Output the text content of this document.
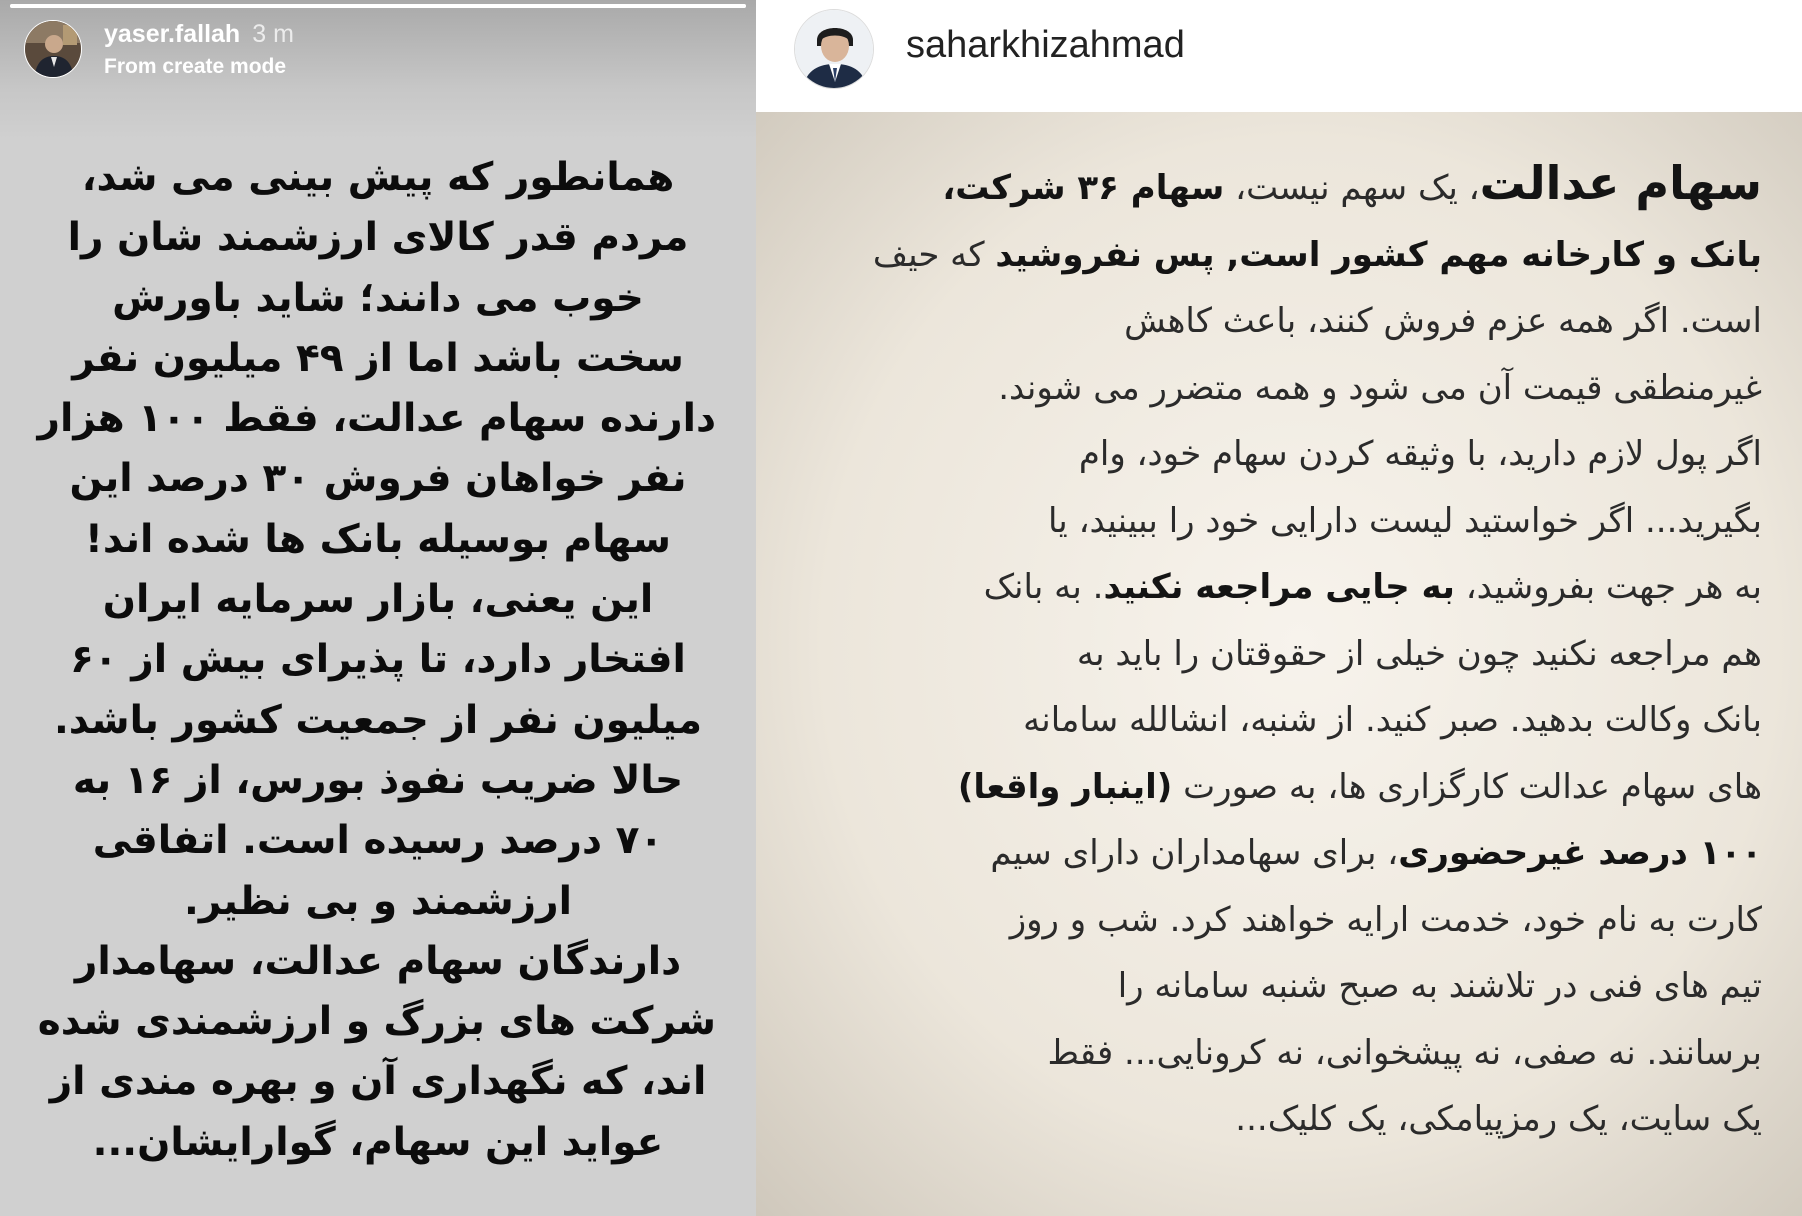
yaser.fallah 3 m
From create mode
همانطور که پیش بینی می شد،
مردم قدر کالای ارزشمند شان را
خوب می دانند؛ شاید باورش
سخت باشد اما از ۴۹ میلیون نفر
دارنده سهام عدالت، فقط ۱۰۰ هزار
نفر خواهان فروش ۳۰ درصد این
سهام بوسیله بانک ها شده اند!
این یعنی، بازار سرمایه ایران
افتخار دارد، تا پذیرای بیش از ۶۰
میلیون نفر از جمعیت کشور باشد.
حالا ضریب نفوذ بورس، از ۱۶ به
۷۰ درصد رسیده است. اتفاقی
ارزشمند و بی نظیر.
دارندگان سهام عدالت، سهامدار
شرکت های بزرگ و ارزشمندی شده
اند، که نگهداری آن و بهره مندی از
عواید این سهام، گوارایشان...
saharkhizahmad
سهام عدالت، یک سهم نیست، سهام ۳۶ شرکت،
بانک و کارخانه مهم کشور است, پس نفروشید که حیف
است. اگر همه عزم فروش کنند، باعث کاهش
غیرمنطقی قیمت آن می شود و همه متضرر می شوند.
اگر پول لازم دارید، با وثیقه کردن سهام خود، وام
بگیرید... اگر خواستید لیست دارایی خود را ببینید، یا
به هر جهت بفروشید، به جایی مراجعه نکنید. به بانک
هم مراجعه نکنید چون خیلی از حقوقتان را باید به
بانک وکالت بدهید. صبر کنید. از شنبه، انشالله سامانه
های سهام عدالت کارگزاری ها، به صورت (اینبار واقعا)
۱۰۰ درصد غیرحضوری، برای سهامداران دارای سیم
کارت به نام خود، خدمت ارایه خواهند کرد. شب و روز
تیم های فنی در تلاشند به صبح شنبه سامانه را
برسانند. نه صفی، نه پیشخوانی، نه کرونایی... فقط
یک سایت، یک رمزپیامکی، یک کلیک...
